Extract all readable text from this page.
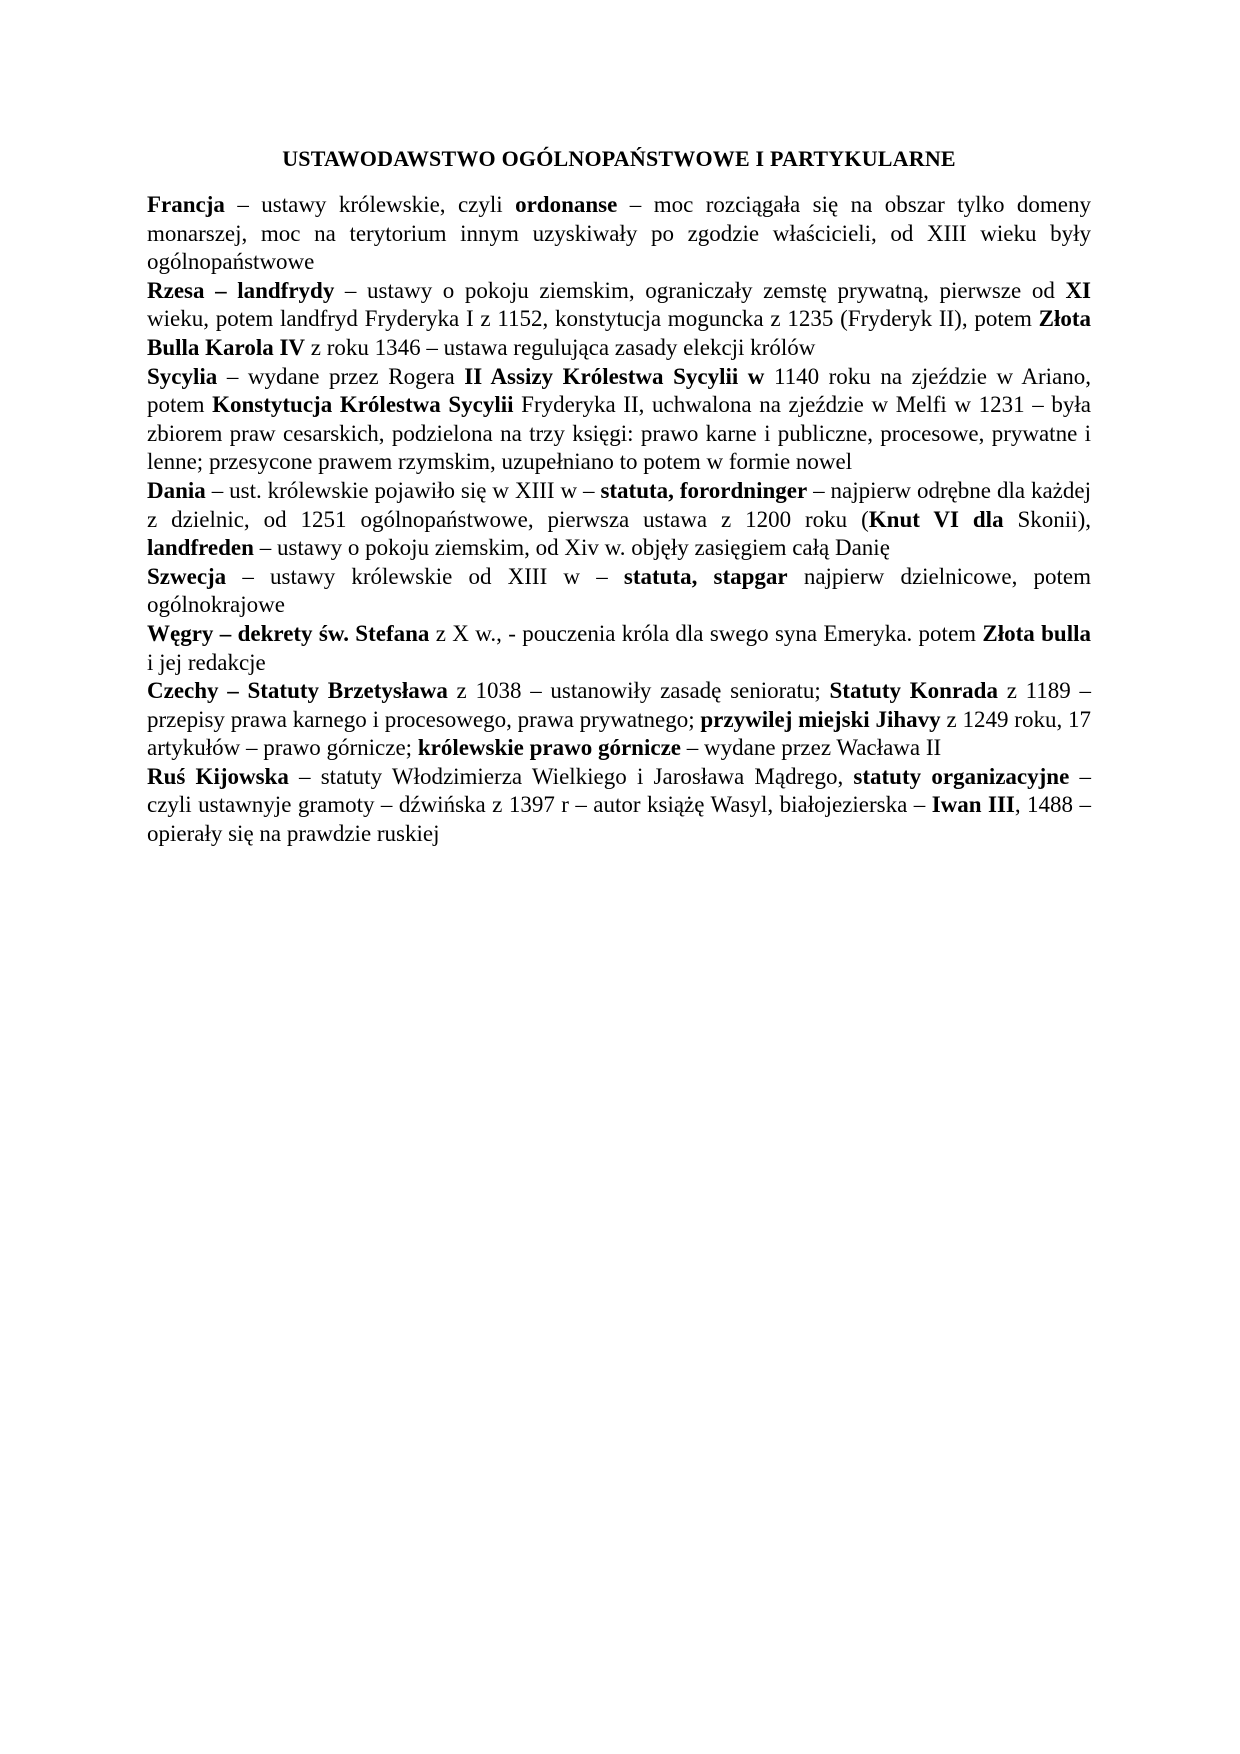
USTAWODAWSTWO OGÓLNOPAŃSTWOWE I PARTYKULARNE

Francja – ustawy królewskie, czyli ordonanse – moc rozciągała się na obszar tylko domeny monarszej, moc na terytorium innym uzyskiwały po zgodzie właścicieli, od XIII wieku były ogólnopaństwowe

Rzesa – landfrydy – ustawy o pokoju ziemskim, ograniczały zemstę prywatną, pierwsze od XI wieku, potem landfryd Fryderyka I z 1152, konstytucja moguncka z 1235 (Fryderyk II), potem Złota Bulla Karola IV z roku 1346 – ustawa regulująca zasady elekcji królów

Sycylia – wydane przez Rogera II Assizy Królestwa Sycylii w 1140 roku na zjeździe w Ariano, potem Konstytucja Królestwa Sycylii Fryderyka II, uchwalona na zjeździe w Melfi w 1231 – była zbiorem praw cesarskich, podzielona na trzy księgi: prawo karne i publiczne, procesowe, prywatne i lenne; przesycone prawem rzymskim, uzupełniano to potem w formie nowel

Dania – ust. królewskie pojawiło się w XIII w – statuta, forordninger – najpierw odrębne dla każdej z dzielnic, od 1251 ogólnopaństwowe, pierwsza ustawa z 1200 roku (Knut VI dla Skonii), landfreden – ustawy o pokoju ziemskim, od Xiv w. objęły zasięgiem całą Danię

Szwecja – ustawy królewskie od XIII w – statuta, stapgar najpierw dzielnicowe, potem ogólnokrajowe

Węgry – dekrety św. Stefana z X w., - pouczenia króla dla swego syna Emeryka. potem Złota bulla i jej redakcje

Czechy – Statuty Brzetysława z 1038 – ustanowiły zasadę senioratu; Statuty Konrada z 1189 – przepisy prawa karnego i procesowego, prawa prywatnego; przywilej miejski Jihavy z 1249 roku, 17 artykułów – prawo górnicze; królewskie prawo górnicze – wydane przez Wacława II

Ruś Kijowska – statuty Włodzimierza Wielkiego i Jarosława Mądrego, statuty organizacyjne – czyli ustawnyje gramoty – dźwińska z 1397 r – autor książę Wasyl, białojezierska – Iwan III, 1488 – opierały się na prawdzie ruskiej
